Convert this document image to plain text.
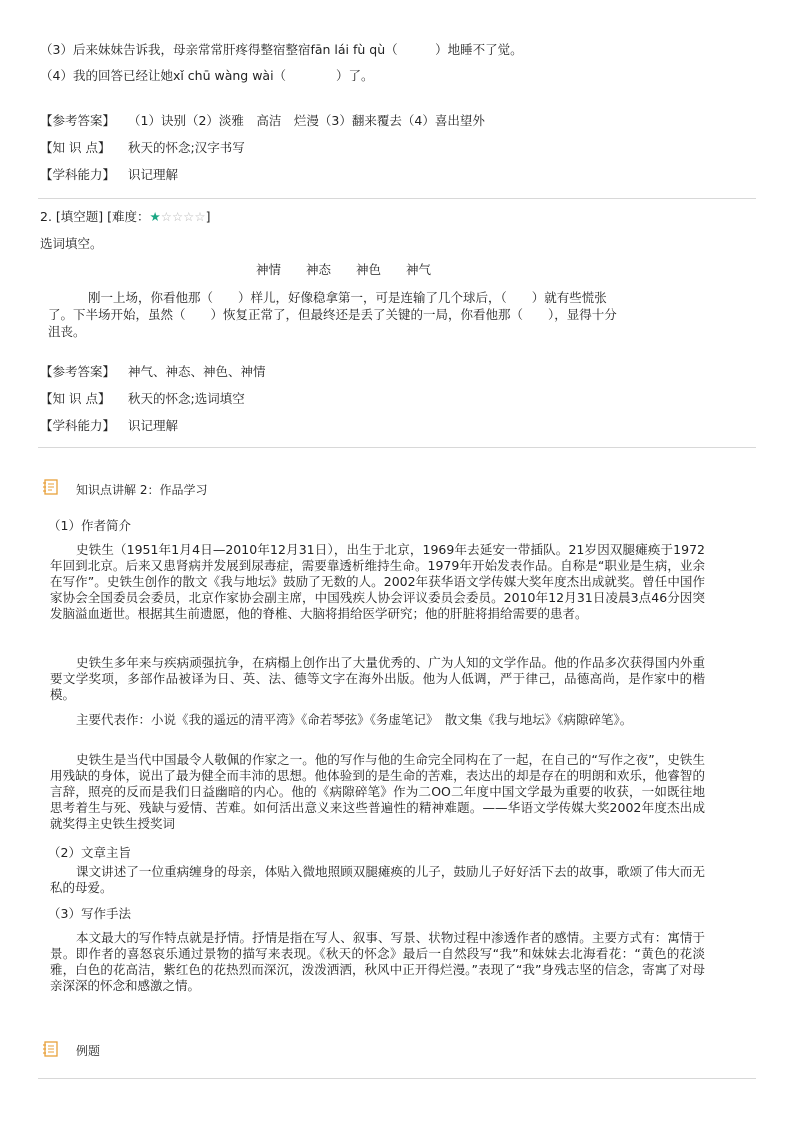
（3）后来妹妹告诉我，母亲常常肝疼得整宿整宿fān lái fù qù（　　　）地睡不了觉。
（4）我的回答已经让她xǐ chū wàng wài（　　　　）了。
【参考答案】 （1）诀别（2）淡雅　高洁　烂漫（3）翻来覆去（4）喜出望外
【知 识 点】 秋天的怀念;汉字书写
【学科能力】 识记理解
2. [填空题] [难度：★☆☆☆☆]
选词填空。
神情　　神态　　神色　　神气
刚一上场，你看他那（　　）样儿，好像稳拿第一，可是连输了几个球后，（　　）就有些慌张
了。下半场开始，虽然（　　）恢复正常了，但最终还是丢了关键的一局，你看他那（　　），显得十分
沮丧。
【参考答案】 神气、神态、神色、神情
【知 识 点】 秋天的怀念;选词填空
【学科能力】 识记理解
知识点讲解 2：作品学习
（1）作者简介
史铁生（1951年1月4日—2010年12月31日），出生于北京，1969年去延安一带插队。21岁因双腿瘫痪于1972年回到北京。后来又患肾病并发展到尿毒症，需要靠透析维持生命。1979年开始发表作品。自称是“职业是生病，业余在写作”。史铁生创作的散文《我与地坛》鼓励了无数的人。2002年获华语文学传媒大奖年度杰出成就奖。曾任中国作家协会全国委员会委员，北京作家协会副主席，中国残疾人协会评议委员会委员。2010年12月31日凌晨3点46分因突发脑溢血逝世。根据其生前遗愿，他的脊椎、大脑将捐给医学研究；他的肝脏将捐给需要的患者。
史铁生多年来与疾病顽强抗争，在病榻上创作出了大量优秀的、广为人知的文学作品。他的作品多次获得国内外重要文学奖项，多部作品被译为日、英、法、德等文字在海外出版。他为人低调，严于律己，品德高尚，是作家中的楷模。
主要代表作：小说《我的遥远的清平湾》《命若琴弦》《务虚笔记》　散文集《我与地坛》《病隙碎笔》。
史铁生是当代中国最令人敬佩的作家之一。他的写作与他的生命完全同构在了一起，在自己的“写作之夜”，史铁生用残缺的身体，说出了最为健全而丰沛的思想。他体验到的是生命的苦难，表达出的却是存在的明朗和欢乐，他睿智的言辞，照亮的反而是我们日益幽暗的内心。他的《病隙碎笔》作为二OO二年度中国文学最为重要的收获，一如既往地思考着生与死、残缺与爱情、苦难。如何活出意义来这些普遍性的精神难题。——华语文学传媒大奖2002年度杰出成就奖得主史铁生授奖词
（2）文章主旨
课文讲述了一位重病缠身的母亲，体贴入微地照顾双腿瘫痪的儿子，鼓励儿子好好活下去的故事，歌颂了伟大而无私的母爱。
（3）写作手法
本文最大的写作特点就是抒情。抒情是指在写人、叙事、写景、状物过程中渗透作者的感情。主要方式有：寓情于景。即作者的喜怒哀乐通过景物的描写来表现。《秋天的怀念》最后一自然段写“我”和妹妹去北海看花：“黄色的花淡雅，白色的花高洁，紫红色的花热烈而深沉，泼泼洒洒，秋风中正开得烂漫。”表现了“我”身残志坚的信念，寄寓了对母亲深深的怀念和感激之情。
例题
